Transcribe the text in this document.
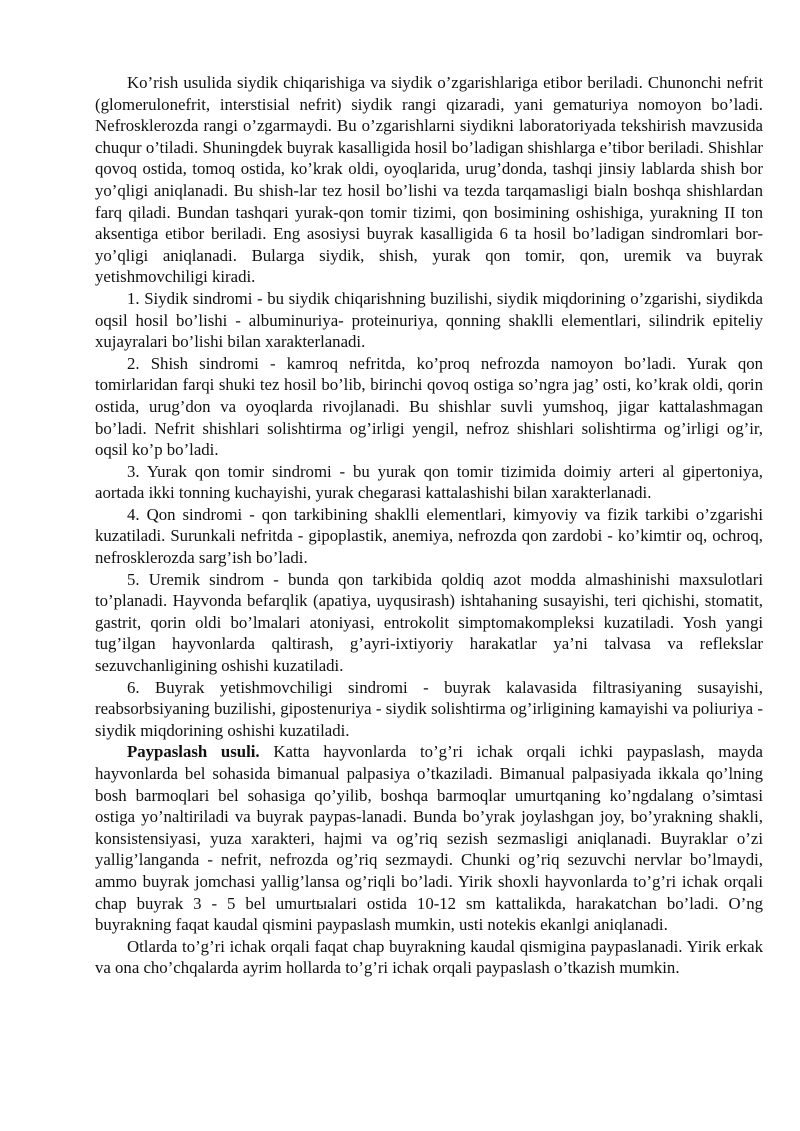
Ko’rish usulida siydik chiqarishiga va siydik o’zgarishlariga etibor beriladi. Chunonchi nefrit (glomerulonefrit, interstisial nefrit) siydik rangi qizaradi, yani gematuriya nomoyon bo’ladi. Nefrosklerozda rangi o’zgarmaydi. Bu o’zgarishlarni siydikni laboratoriyada tekshirish mavzusida chuqur o’tiladi. Shuningdek buyrak kasalligida hosil bo’ladigan shishlarga e’tibor beriladi. Shishlar qovoq ostida, tomoq ostida, ko’krak oldi, oyoqlarida, urug’donda, tashqi jinsiy lablarda shish bor yo’qligi aniqlanadi. Bu shish-lar tez hosil bo’lishi va tezda tarqamasligi bialn boshqa shishlardan farq qiladi. Bundan tashqari yurak-qon tomir tizimi, qon bosimining oshishiga, yurakning II ton aksentiga etibor beriladi. Eng asosiysi buyrak kasalligida 6 ta hosil bo’ladigan sindromlari bor- yo’qligi aniqlanadi. Bularga siydik, shish, yurak qon tomir, qon, uremik va buyrak yetishmovchiligi kiradi.

1. Siydik sindromi - bu siydik chiqarishning buzilishi, siydik miqdorining o’zgarishi, siydikda oqsil hosil bo’lishi - albuminuriya- proteinuriya, qonning shaklli elementlari, silindrik epiteliy xujayralari bo’lishi bilan xarakterlanadi.

2. Shish sindromi - kamroq nefritda, ko’proq nefrozda namoyon bo’ladi. Yurak qon tomirlaridan farqi shuki tez hosil bo’lib, birinchi qovoq ostiga so’ngra jag’ osti, ko’krak oldi, qorin ostida, urug’don va oyoqlarda rivojlanadi. Bu shishlar suvli yumshoq, jigar kattalashmagan bo’ladi. Nefrit shishlari solishtirma og’irligi yengil, nefroz shishlari solishtirma og’irligi og’ir, oqsil ko’p bo’ladi.

3. Yurak qon tomir sindromi - bu yurak qon tomir tizimida doimiy arteri al gipertoniya, aortada ikki tonning kuchayishi, yurak chegarasi kattalashishi bilan xarakterlanadi.

4. Qon sindromi - qon tarkibining shaklli elementlari, kimyoviy va fizik tarkibi o’zgarishi kuzatiladi. Surunkali nefritda - gipoplastik, anemiya, nefrozda qon zardobi - ko’kimtir oq, ochroq, nefrosklerozda sarg’ish bo’ladi.

5. Uremik sindrom - bunda qon tarkibida qoldiq azot modda almashinishi maxsulotlari to’planadi. Hayvonda befarqlik (apatiya, uyqusirash) ishtahaning susayishi, teri qichishi, stomatit, gastrit, qorin oldi bo’lmalari atoniyasi, entrokolit simptomakompleksi kuzatiladi. Yosh yangi tug’ilgan hayvonlarda qaltirash, g’ayri-ixtiyoriy harakatlar ya’ni talvasa va reflekslar sezuvchanligining oshishi kuzatiladi.

6. Buyrak yetishmovchiligi sindromi - buyrak kalavasida filtrasiyaning susayishi, reabsorbsiyaning buzilishi, gipostenuriya - siydik solishtirma og’irligining kamayishi va poliuriya - siydik miqdorining oshishi kuzatiladi.

Paypaslash usuli. Katta hayvonlarda to’g’ri ichak orqali ichki paypaslash, mayda hayvonlarda bel sohasida bimanual palpasiya o’tkaziladi. Bimanual palpasiyada ikkala qo’lning bosh barmoqlari bel sohasiga qo’yilib, boshqa barmoqlar umurtqaning ko’ngdalang o’simtasi ostiga yo’naltiriladi va buyrak paypas-lanadi. Bunda bo’yrak joylashgan joy, bo’yrakning shakli, konsistensiyasi, yuza xarakteri, hajmi va og’riq sezish sezmasligi aniqlanadi. Buyraklar o’zi yallig’langanda - nefrit, nefrozda og’riq sezmaydi. Chunki og’riq sezuvchi nervlar bo’lmaydi, ammo buyrak jomchasi yallig’lansa og’riqli bo’ladi. Yirik shoxli hayvonlarda to’g’ri ichak orqali chap buyrak 3 - 5 bel umurtыalari ostida 10-12 sm kattalikda, harakatchan bo’ladi. O’ng buyrakning faqat kaudal qismini paypaslash mumkin, usti notekis ekanlgi aniqlanadi.

Otlarda to’g’ri ichak orqali faqat chap buyrakning kaudal qismigina paypaslanadi. Yirik erkak va ona cho’chqalarda ayrim hollarda to’g’ri ichak orqali paypaslash o’tkazish mumkin.
